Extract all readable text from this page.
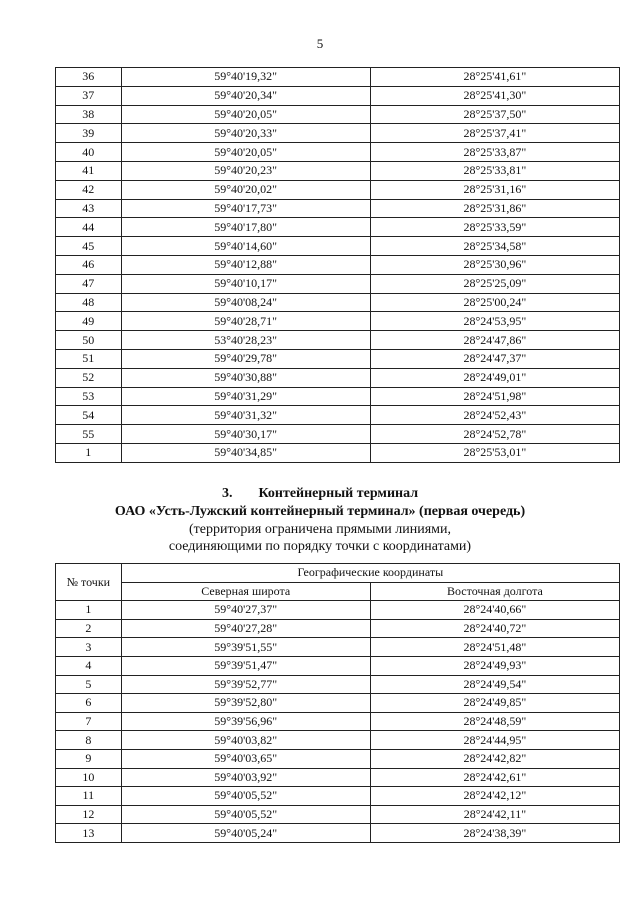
5
36	59°40'19,32"	28°25'41,61"
37	59°40'20,34"	28°25'41,30"
38	59°40'20,05"	28°25'37,50"
39	59°40'20,33"	28°25'37,41"
40	59°40'20,05"	28°25'33,87"
41	59°40'20,23"	28°25'33,81"
42	59°40'20,02"	28°25'31,16"
43	59°40'17,73"	28°25'31,86"
44	59°40'17,80"	28°25'33,59"
45	59°40'14,60"	28°25'34,58"
46	59°40'12,88"	28°25'30,96"
47	59°40'10,17"	28°25'25,09"
48	59°40'08,24"	28°25'00,24"
49	59°40'28,71"	28°24'53,95"
50	53°40'28,23"	28°24'47,86"
51	59°40'29,78"	28°24'47,37"
52	59°40'30,88"	28°24'49,01"
53	59°40'31,29"	28°24'51,98"
54	59°40'31,32"	28°24'52,43"
55	59°40'30,17"	28°24'52,78"
1	59°40'34,85"	28°25'53,01"
3. Контейнерный терминал
ОАО «Усть-Лужский контейнерный терминал» (первая очередь)
(территория ограничена прямыми линиями,
соединяющими по порядку точки с координатами)
№ точки	Географические координаты	
	Северная широта	Восточная долгота
1	59°40'27,37"	28°24'40,66"
2	59°40'27,28"	28°24'40,72"
3	59°39'51,55"	28°24'51,48"
4	59°39'51,47"	28°24'49,93"
5	59°39'52,77"	28°24'49,54"
6	59°39'52,80"	28°24'49,85"
7	59°39'56,96"	28°24'48,59"
8	59°40'03,82"	28°24'44,95"
9	59°40'03,65"	28°24'42,82"
10	59°40'03,92"	28°24'42,61"
11	59°40'05,52"	28°24'42,12"
12	59°40'05,52"	28°24'42,11"
13	59°40'05,24"	28°24'38,39"
